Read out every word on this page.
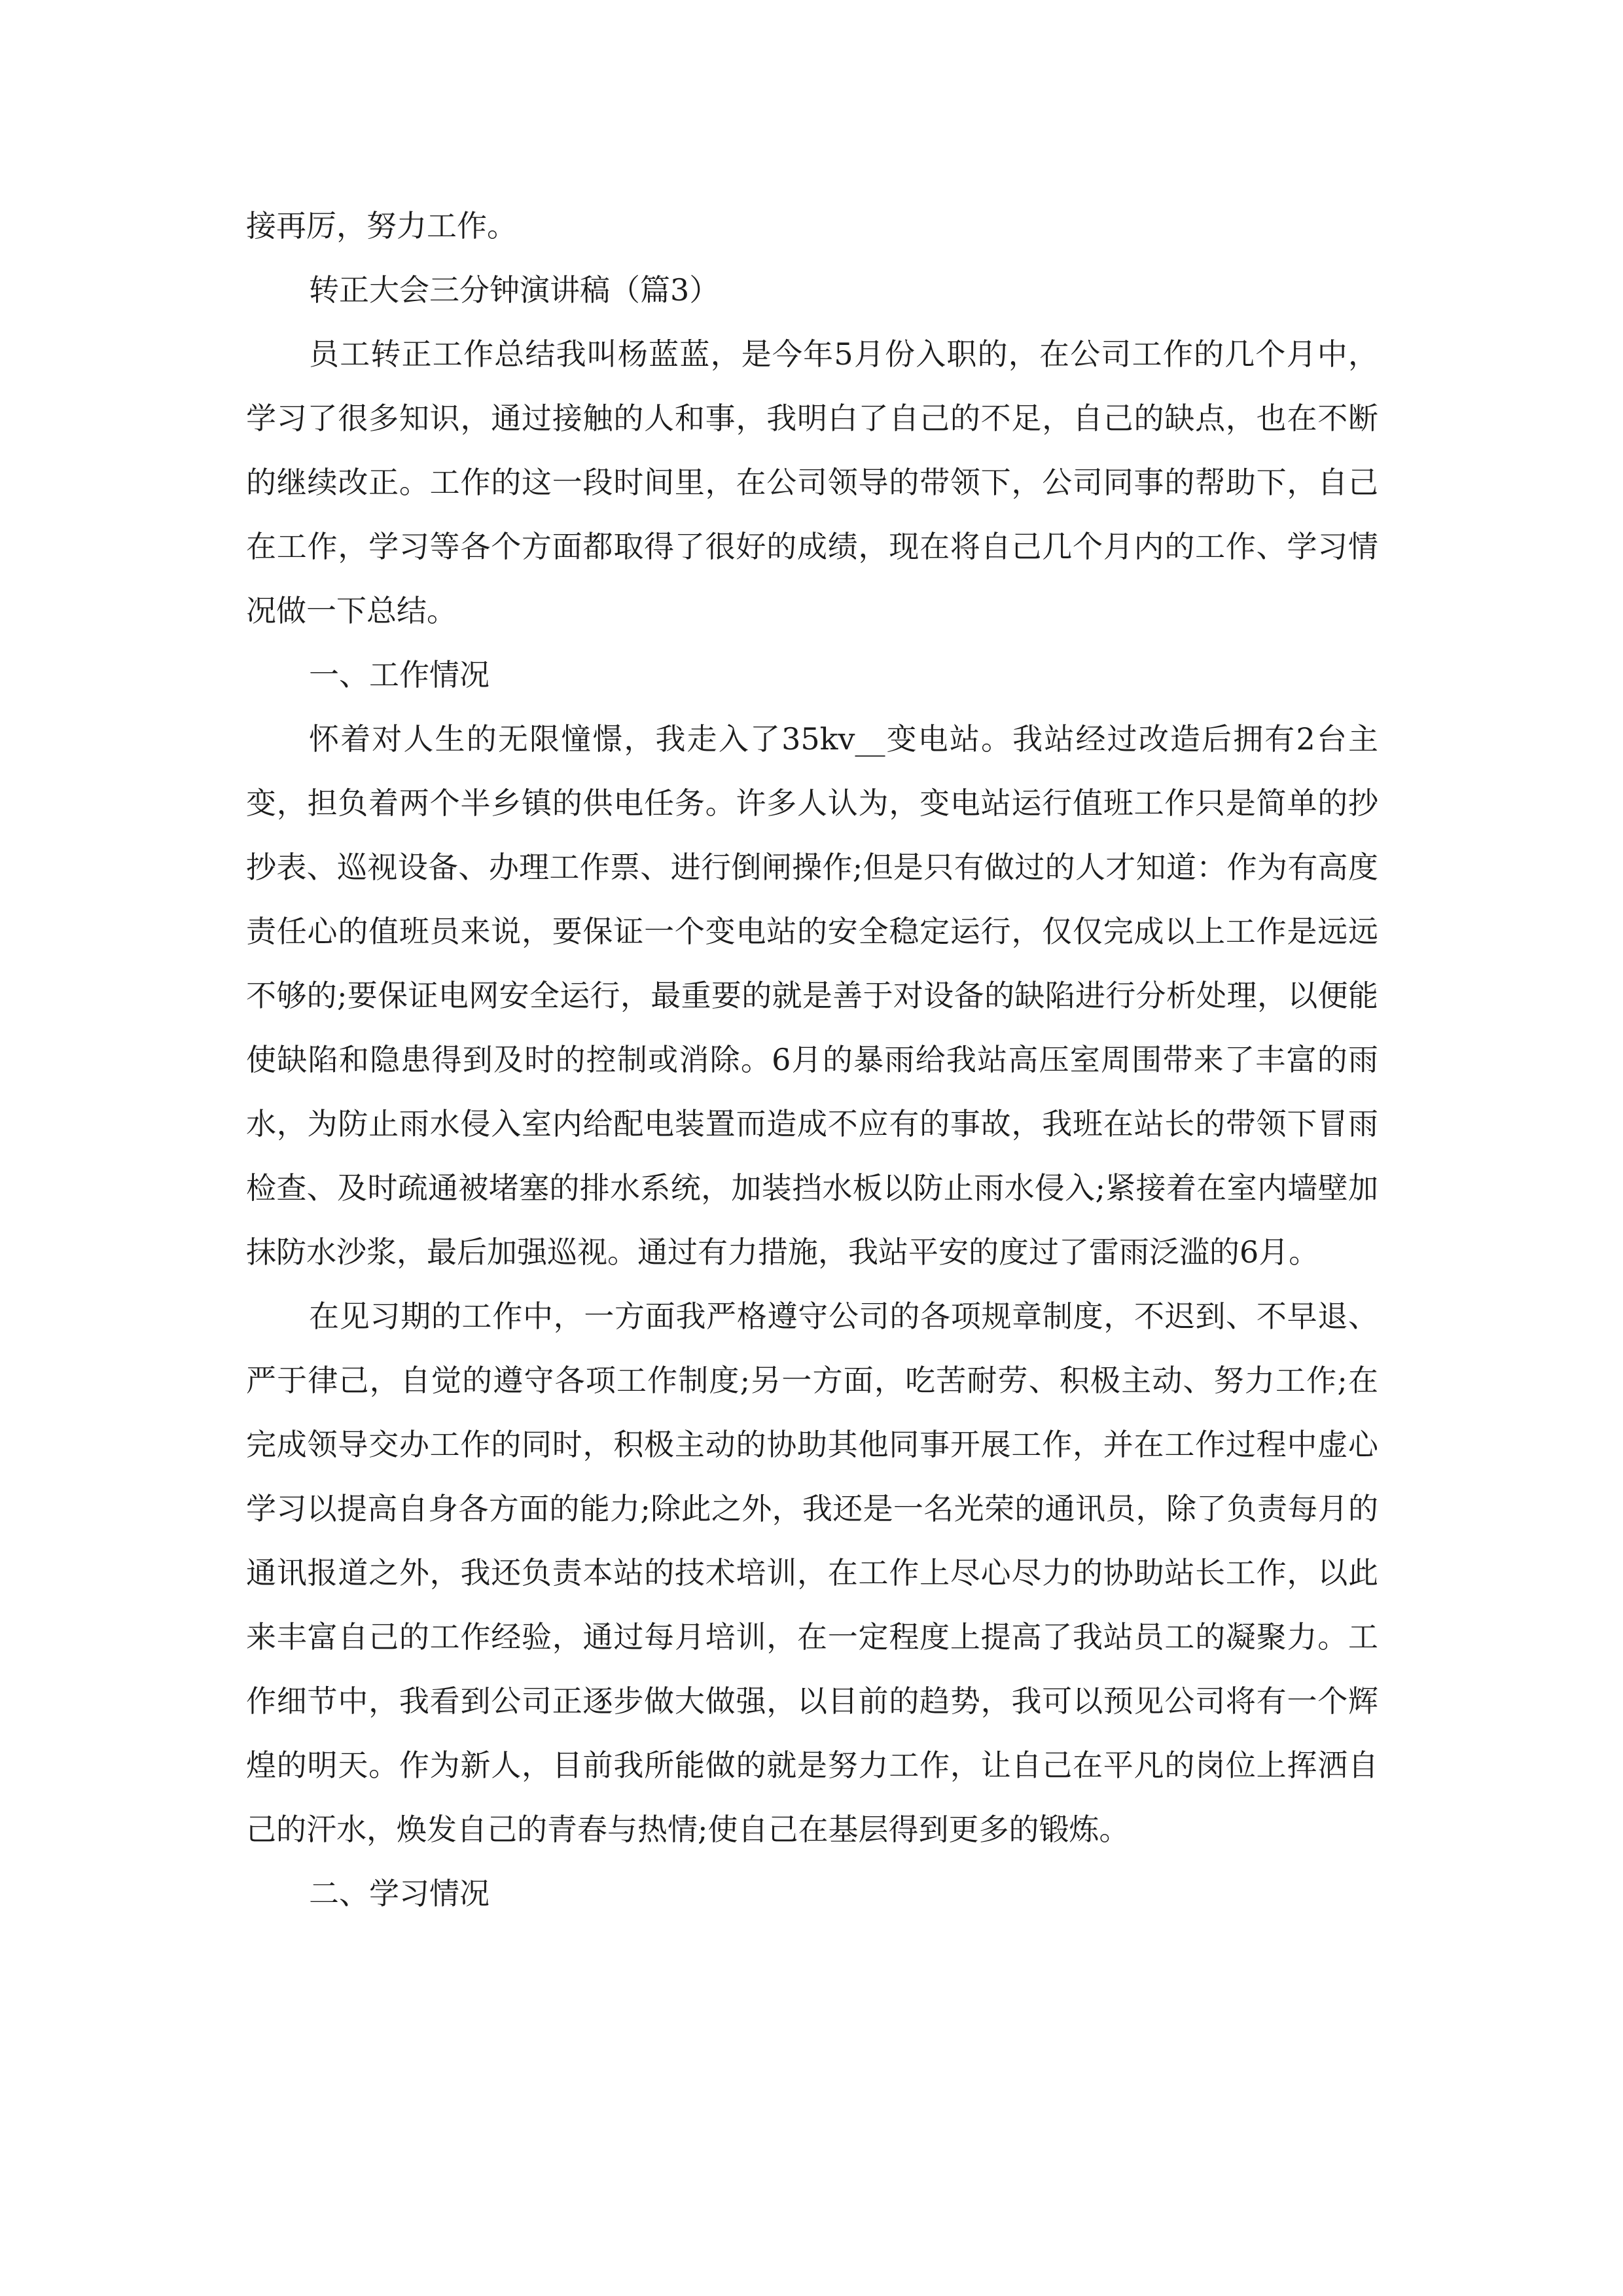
接再厉，努力工作。

转正大会三分钟演讲稿（篇3）

员工转正工作总结我叫杨蓝蓝，是今年5月份入职的，在公司工作的几个月中，学习了很多知识，通过接触的人和事，我明白了自己的不足，自己的缺点，也在不断的继续改正。工作的这一段时间里，在公司领导的带领下，公司同事的帮助下，自己在工作，学习等各个方面都取得了很好的成绩，现在将自己几个月内的工作、学习情况做一下总结。

一、工作情况

怀着对人生的无限憧憬，我走入了35kv__变电站。我站经过改造后拥有2台主变，担负着两个半乡镇的供电任务。许多人认为，变电站运行值班工作只是简单的抄抄表、巡视设备、办理工作票、进行倒闸操作;但是只有做过的人才知道：作为有高度责任心的值班员来说，要保证一个变电站的安全稳定运行，仅仅完成以上工作是远远不够的;要保证电网安全运行，最重要的就是善于对设备的缺陷进行分析处理，以便能使缺陷和隐患得到及时的控制或消除。6月的暴雨给我站高压室周围带来了丰富的雨水，为防止雨水侵入室内给配电装置而造成不应有的事故，我班在站长的带领下冒雨检查、及时疏通被堵塞的排水系统，加装挡水板以防止雨水侵入;紧接着在室内墙壁加抹防水沙浆，最后加强巡视。通过有力措施，我站平安的度过了雷雨泛滥的6月。

在见习期的工作中，一方面我严格遵守公司的各项规章制度，不迟到、不早退、严于律己，自觉的遵守各项工作制度;另一方面，吃苦耐劳、积极主动、努力工作;在完成领导交办工作的同时，积极主动的协助其他同事开展工作，并在工作过程中虚心学习以提高自身各方面的能力;除此之外，我还是一名光荣的通讯员，除了负责每月的通讯报道之外，我还负责本站的技术培训，在工作上尽心尽力的协助站长工作，以此来丰富自己的工作经验，通过每月培训，在一定程度上提高了我站员工的凝聚力。工作细节中，我看到公司正逐步做大做强，以目前的趋势，我可以预见公司将有一个辉煌的明天。作为新人，目前我所能做的就是努力工作，让自己在平凡的岗位上挥洒自己的汗水，焕发自己的青春与热情;使自己在基层得到更多的锻炼。

二、学习情况
